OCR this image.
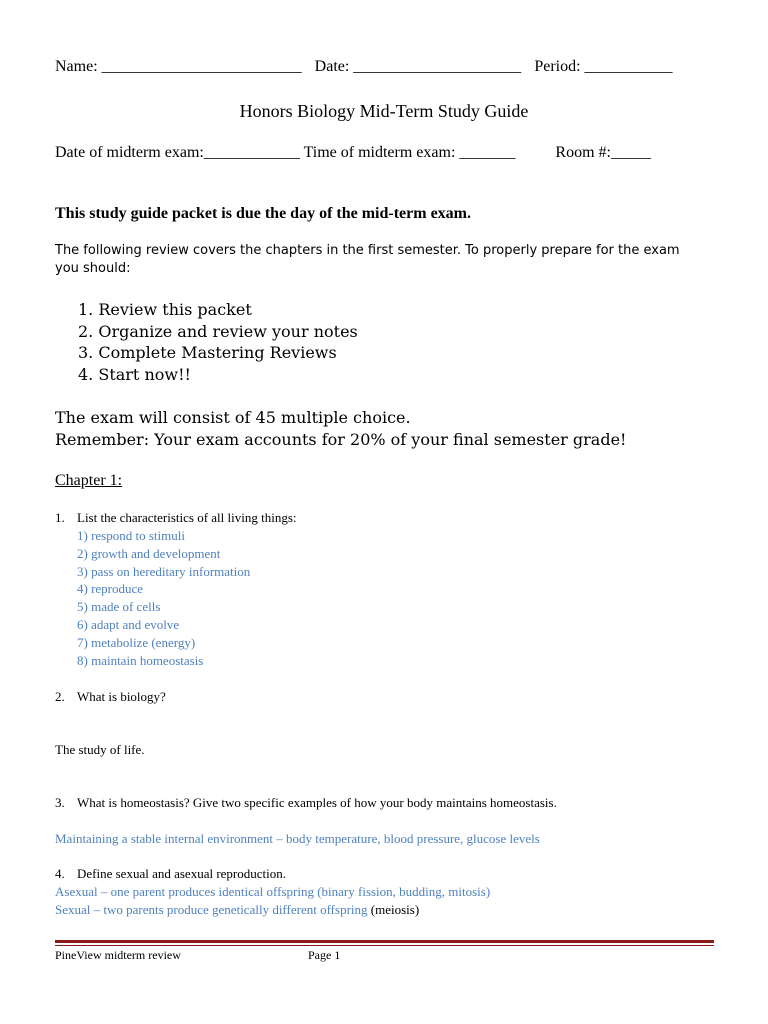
Name: _________________________ Date: _____________________ Period: ___________
Honors Biology Mid-Term Study Guide
Date of midterm exam:____________ Time of midterm exam: _______	Room #:_____
This study guide packet is due the day of the mid-term exam.
The following review covers the chapters in the first semester. To properly prepare for the exam you should:
1. Review this packet
2. Organize and review your notes
3. Complete Mastering Reviews
4. Start now!!
The exam will consist of 45 multiple choice.
Remember: Your exam accounts for 20% of your final semester grade!
Chapter 1:
1. List the characteristics of all living things:
1) respond to stimuli
2) growth and development
3) pass on hereditary information
4) reproduce
5) made of cells
6) adapt and evolve
7) metabolize (energy)
8) maintain homeostasis
2. What is biology?
The study of life.
3. What is homeostasis? Give two specific examples of how your body maintains homeostasis.
Maintaining a stable internal environment – body temperature, blood pressure, glucose levels
4. Define sexual and asexual reproduction.
Asexual – one parent produces identical offspring (binary fission, budding, mitosis)
Sexual – two parents produce genetically different offspring (meiosis)
PineView midterm review	Page 1
